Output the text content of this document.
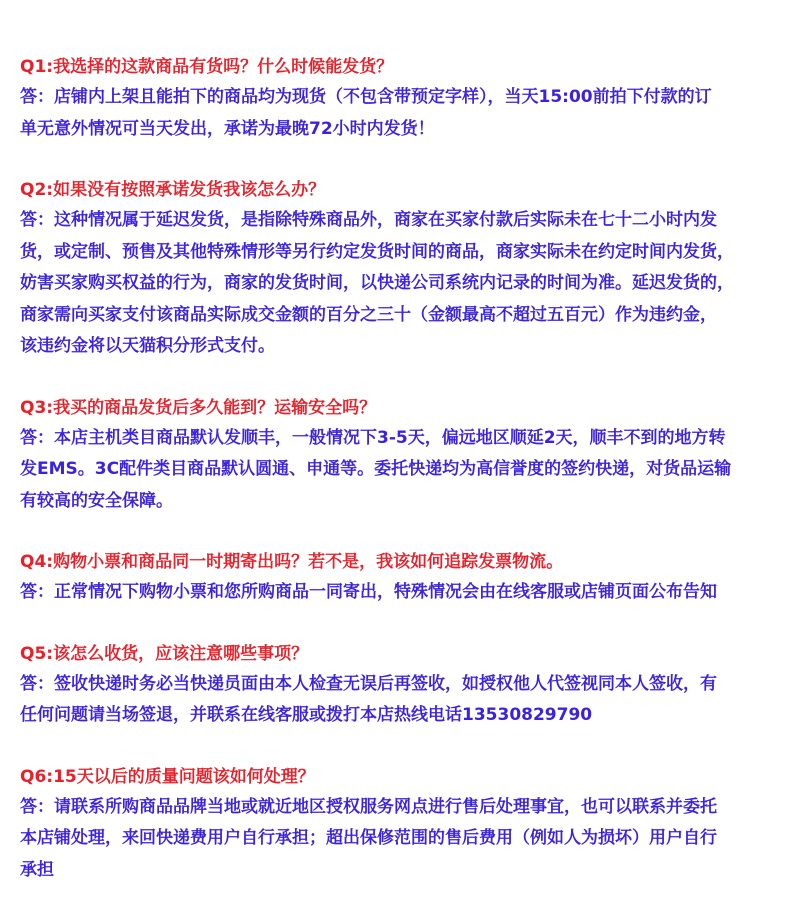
Q1:我选择的这款商品有货吗？什么时候能发货？
答：店铺内上架且能拍下的商品均为现货（不包含带预定字样），当天15:00前拍下付款的订
单无意外情况可当天发出，承诺为最晚72小时内发货！
Q2:如果没有按照承诺发货我该怎么办？
答：这种情况属于延迟发货，是指除特殊商品外，商家在买家付款后实际未在七十二小时内发
货，或定制、预售及其他特殊情形等另行约定发货时间的商品，商家实际未在约定时间内发货，
妨害买家购买权益的行为，商家的发货时间，以快递公司系统内记录的时间为准。延迟发货的，
商家需向买家支付该商品实际成交金额的百分之三十（金额最高不超过五百元）作为违约金，
该违约金将以天猫积分形式支付。
Q3:我买的商品发货后多久能到？运输安全吗？
答：本店主机类目商品默认发顺丰，一般情况下3-5天，偏远地区顺延2天，顺丰不到的地方转
发EMS。3C配件类目商品默认圆通、申通等。委托快递均为高信誉度的签约快递，对货品运输
有较高的安全保障。
Q4:购物小票和商品同一时期寄出吗？若不是，我该如何追踪发票物流。
答：正常情况下购物小票和您所购商品一同寄出，特殊情况会由在线客服或店铺页面公布告知
Q5:该怎么收货，应该注意哪些事项？
答：签收快递时务必当快递员面由本人检查无误后再签收，如授权他人代签视同本人签收，有
任何问题请当场签退，并联系在线客服或拨打本店热线电话13530829790
Q6:15天以后的质量问题该如何处理？
答：请联系所购商品品牌当地或就近地区授权服务网点进行售后处理事宜，也可以联系并委托
本店铺处理，来回快递费用户自行承担；超出保修范围的售后费用（例如人为损坏）用户自行
承担
